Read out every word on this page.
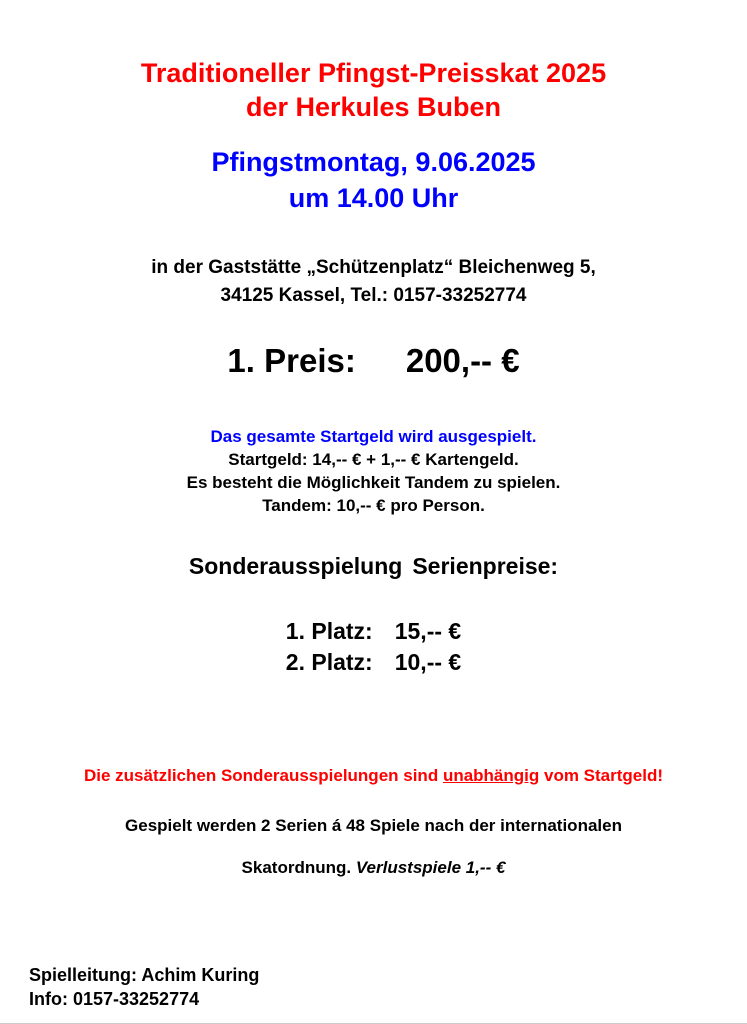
Traditioneller Pfingst-Preisskat 2025
der Herkules Buben
Pfingstmontag, 9.06.2025
um 14.00 Uhr
in der Gaststätte „Schützenplatz“ Bleichenweg 5,
34125 Kassel, Tel.: 0157-33252774
1. Preis: 200,-- €
Das gesamte Startgeld wird ausgespielt.
Startgeld: 14,-- € + 1,-- € Kartengeld.
Es besteht die Möglichkeit Tandem zu spielen.
Tandem: 10,-- € pro Person.
Sonderausspielung Serienpreise:
1. Platz: 15,-- €
2. Platz: 10,-- €
Die zusätzlichen Sonderausspielungen sind unabhängig vom Startgeld!
Gespielt werden 2 Serien á 48 Spiele nach der internationalen
Skatordnung. Verlustspiele 1,-- €
Spielleitung: Achim Kuring
Info: 0157-33252774
